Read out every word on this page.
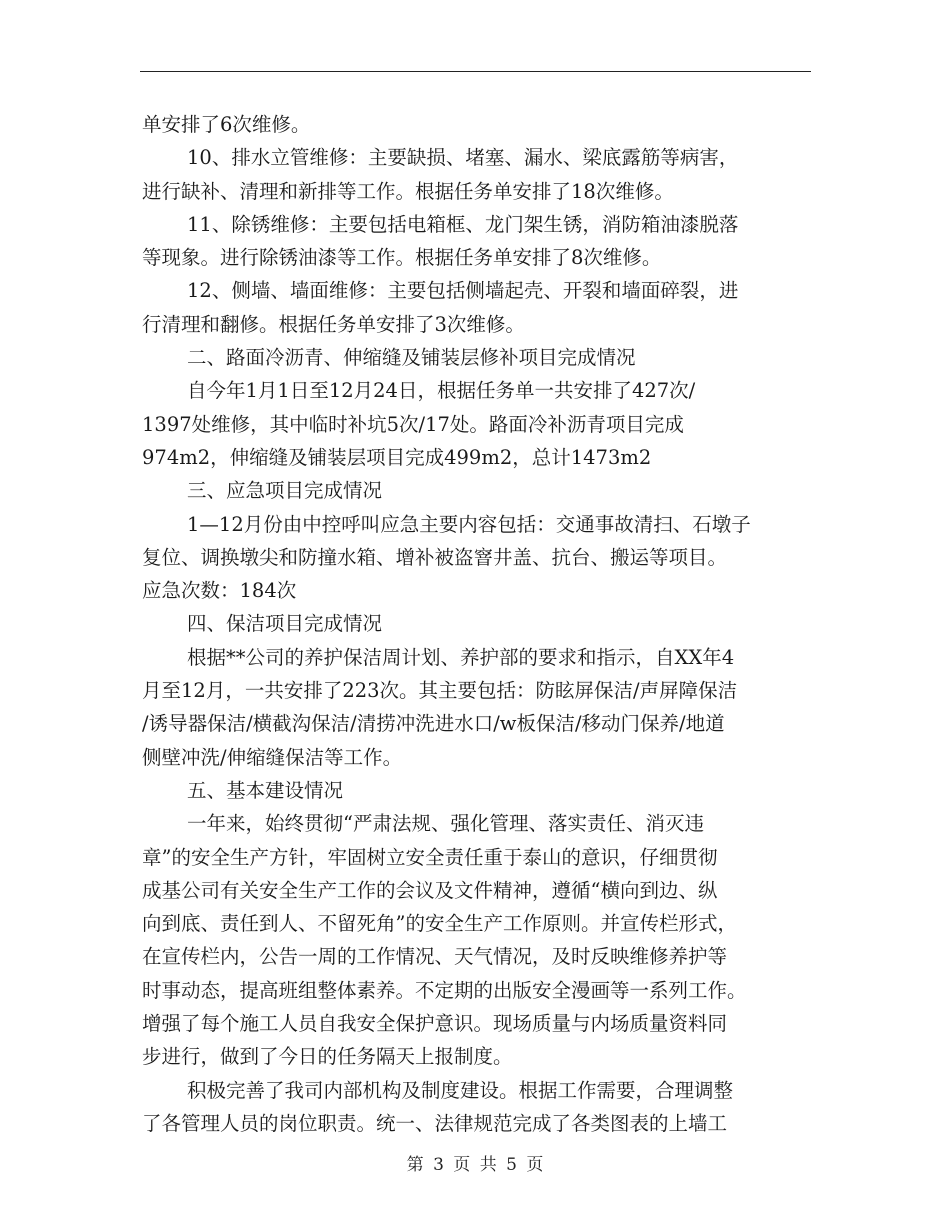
单安排了6次维修。
10、排水立管维修：主要缺损、堵塞、漏水、梁底露筋等病害，
进行缺补、清理和新排等工作。根据任务单安排了18次维修。
11、除锈维修：主要包括电箱框、龙门架生锈，消防箱油漆脱落
等现象。进行除锈油漆等工作。根据任务单安排了8次维修。
12、侧墙、墙面维修：主要包括侧墙起壳、开裂和墙面碎裂，进
行清理和翻修。根据任务单安排了3次维修。
二、路面冷沥青、伸缩缝及铺装层修补项目完成情况
自今年1月1日至12月24日，根据任务单一共安排了427次/
1397处维修，其中临时补坑5次/17处。路面冷补沥青项目完成
974m2，伸缩缝及铺装层项目完成499m2，总计1473m2
三、应急项目完成情况
1—12月份由中控呼叫应急主要内容包括：交通事故清扫、石墩子
复位、调换墩尖和防撞水箱、增补被盗窨井盖、抗台、搬运等项目。
应急次数：184次
四、保洁项目完成情况
根据**公司的养护保洁周计划、养护部的要求和指示，自XX年4
月至12月，一共安排了223次。其主要包括：防眩屏保洁/声屏障保洁
/诱导器保洁/横截沟保洁/清捞冲洗进水口/w板保洁/移动门保养/地道
侧壁冲洗/伸缩缝保洁等工作。
五、基本建设情况
一年来，始终贯彻“严肃法规、强化管理、落实责任、消灭违
章”的安全生产方针，牢固树立安全责任重于泰山的意识，仔细贯彻
成基公司有关安全生产工作的会议及文件精神，遵循“横向到边、纵
向到底、责任到人、不留死角”的安全生产工作原则。并宣传栏形式，
在宣传栏内，公告一周的工作情况、天气情况，及时反映维修养护等
时事动态，提高班组整体素养。不定期的出版安全漫画等一系列工作。
增强了每个施工人员自我安全保护意识。现场质量与内场质量资料同
步进行，做到了今日的任务隔天上报制度。
积极完善了我司内部机构及制度建设。根据工作需要，合理调整
了各管理人员的岗位职责。统一、法律规范完成了各类图表的上墙工
第 3 页 共 5 页
